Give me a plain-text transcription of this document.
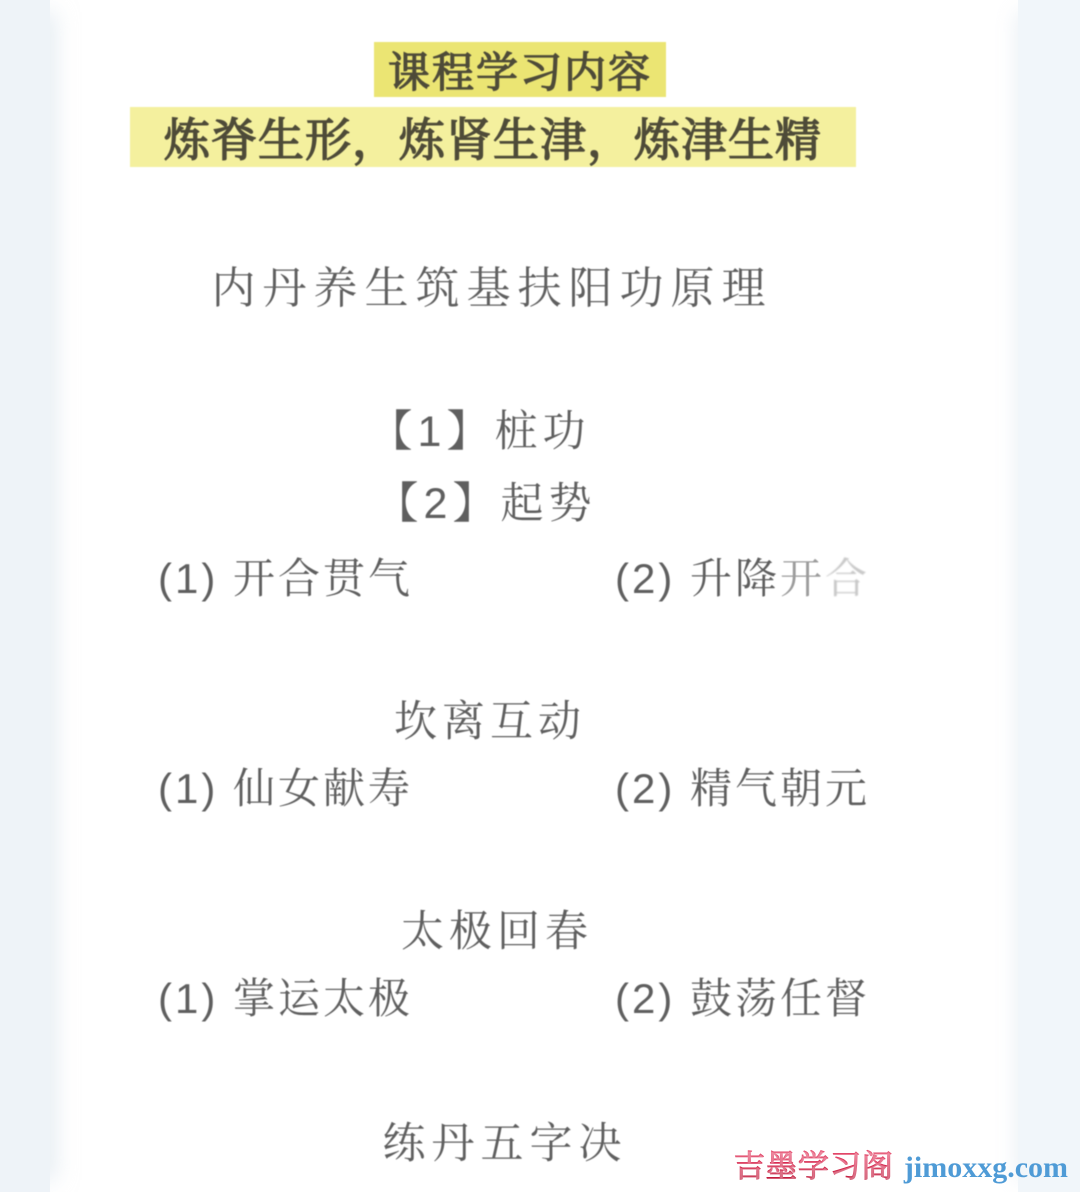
课程学习内容
炼脊生形，炼肾生津，炼津生精
内丹养生筑基扶阳功原理
【1】桩功
【2】起势
(1) 开合贯气	(2) 升降开合
坎离互动
(1) 仙女献寿	(2) 精气朝元
太极回春
(1) 掌运太极	(2) 鼓荡任督
练丹五字决	吉墨学习阁 jimoxxg.com
